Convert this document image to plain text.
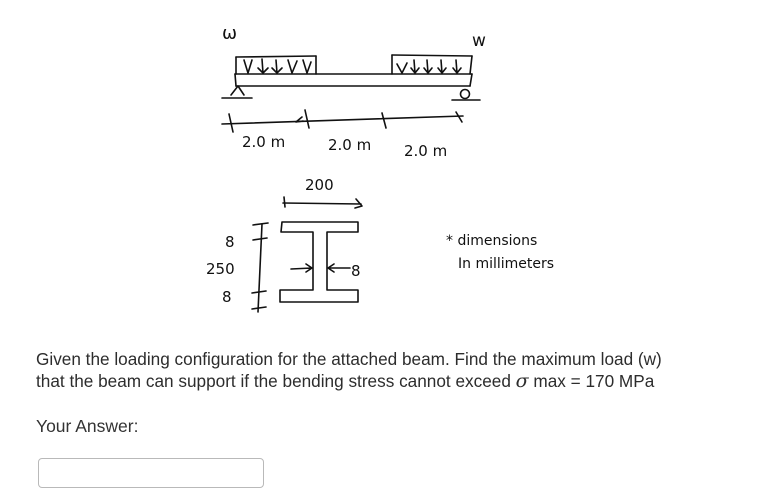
ω	w
2.0 m	2.0 m 2.0 m
200
8
250
8
8
* dimensions
In millimeters
Given the loading configuration for the attached beam. Find the maximum load (w)
that the beam can support if the bending stress cannot exceed σ max = 170 MPa
Your Answer:
